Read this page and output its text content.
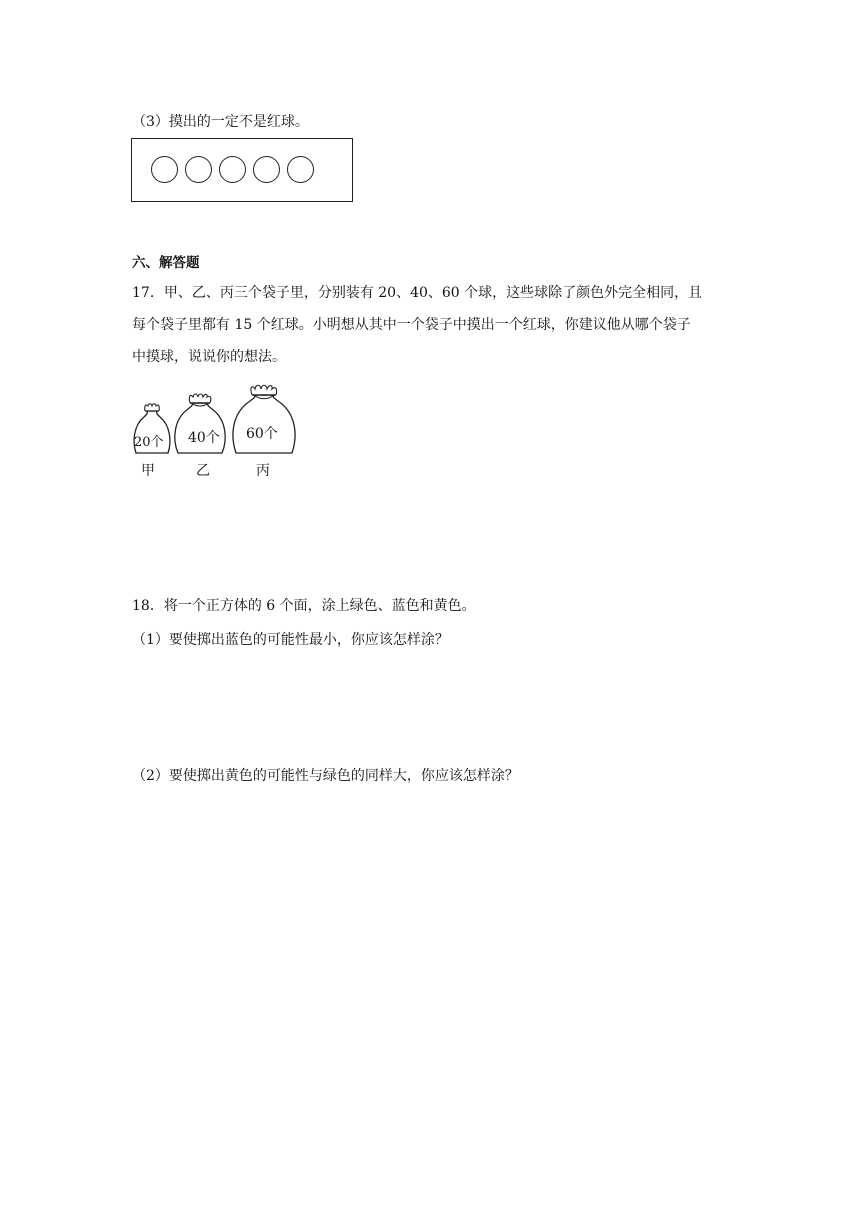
（3）摸出的一定不是红球。
六、解答题
17．甲、乙、丙三个袋子里，分别装有 20、40、60 个球，这些球除了颜色外完全相同，且
每个袋子里都有 15 个红球。小明想从其中一个袋子中摸出一个红球，你建议他从哪个袋子
中摸球，说说你的想法。
20个 40个 60个
甲	乙	丙
18．将一个正方体的 6 个面，涂上绿色、蓝色和黄色。
（1）要使掷出蓝色的可能性最小，你应该怎样涂？
（2）要使掷出黄色的可能性与绿色的同样大，你应该怎样涂？
